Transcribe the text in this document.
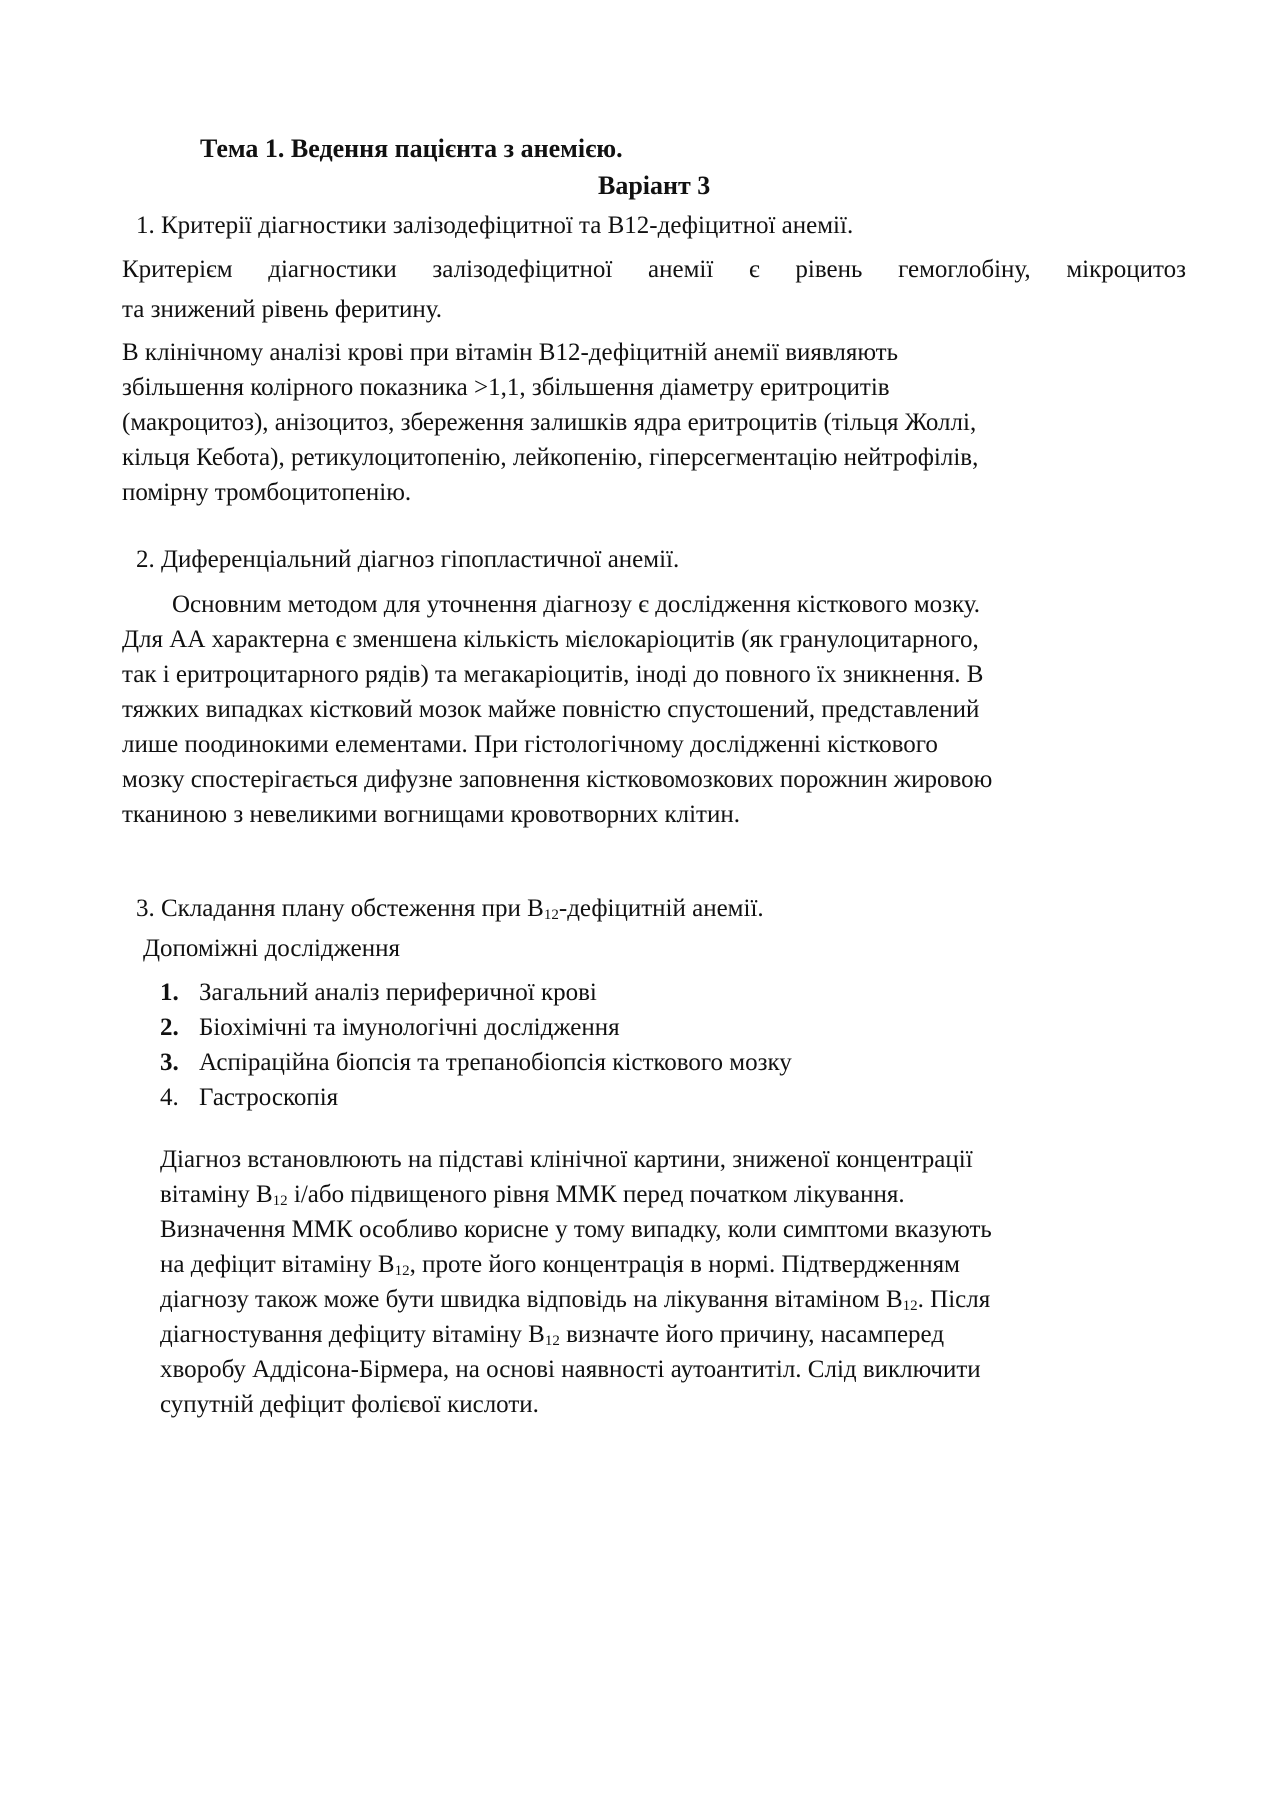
Тема 1. Ведення пацієнта з анемією.
Варіант 3
1. Критерії діагностики залізодефіцитної та В12-дефіцитної анемії.
Критерієм діагностики залізодефіцитної анемії є рівень гемоглобіну, мікроцитоз
та знижений рівень феритину.
В клінічному аналізі крові при вітамін В12-дефіцитній анемії виявляють
збільшення колірного показника >1,1, збільшення діаметру еритроцитів
(макроцитоз), анізоцитоз, збереження залишків ядра еритроцитів (тільця Жоллі,
кільця Кебота), ретикулоцитопенію, лейкопенію, гіперсегментацію нейтрофілів,
помірну тромбоцитопенію.
2. Диференціальний діагноз гіпопластичної анемії.
Основним методом для уточнення діагнозу є дослідження кісткового мозку.
Для АА характерна є зменшена кількість мієлокаріоцитів (як гранулоцитарного,
так і еритроцитарного рядів) та мегакаріоцитів, іноді до повного їх зникнення. В
тяжких випадках кістковий мозок майже повністю спустошений, представлений
лише поодинокими елементами. При гістологічному дослідженні кісткового
мозку спостерігається дифузне заповнення кістковомозкових порожнин жировою
тканиною з невеликими вогнищами кровотворних клітин.
3. Складання плану обстеження при $В_{12}$-дефіцитній анемії.
Допоміжні дослідження
1. Загальний аналіз периферичної крові
2. Біохімічні та імунологічні дослідження
3. Аспіраційна біопсія та трепанобіопсія кісткового мозку
4. Гастроскопія
Діагноз встановлюють на підставі клінічної картини, зниженої концентрації
вітаміну $В_{12}$ і/або підвищеного рівня ММК перед початком лікування.
Визначення ММК особливо корисне у тому випадку, коли симптоми вказують
на дефіцит вітаміну $В_{12}$, проте його концентрація в нормі. Підтвердженням
діагнозу також може бути швидка відповідь на лікування вітаміном $В_{12}$. Після
діагностування дефіциту вітаміну $В_{12}$ визначте його причину, насамперед
хворобу Аддісона-Бірмера, на основі наявності аутоантитіл. Слід виключити
супутній дефіцит фолієвої кислоти.
